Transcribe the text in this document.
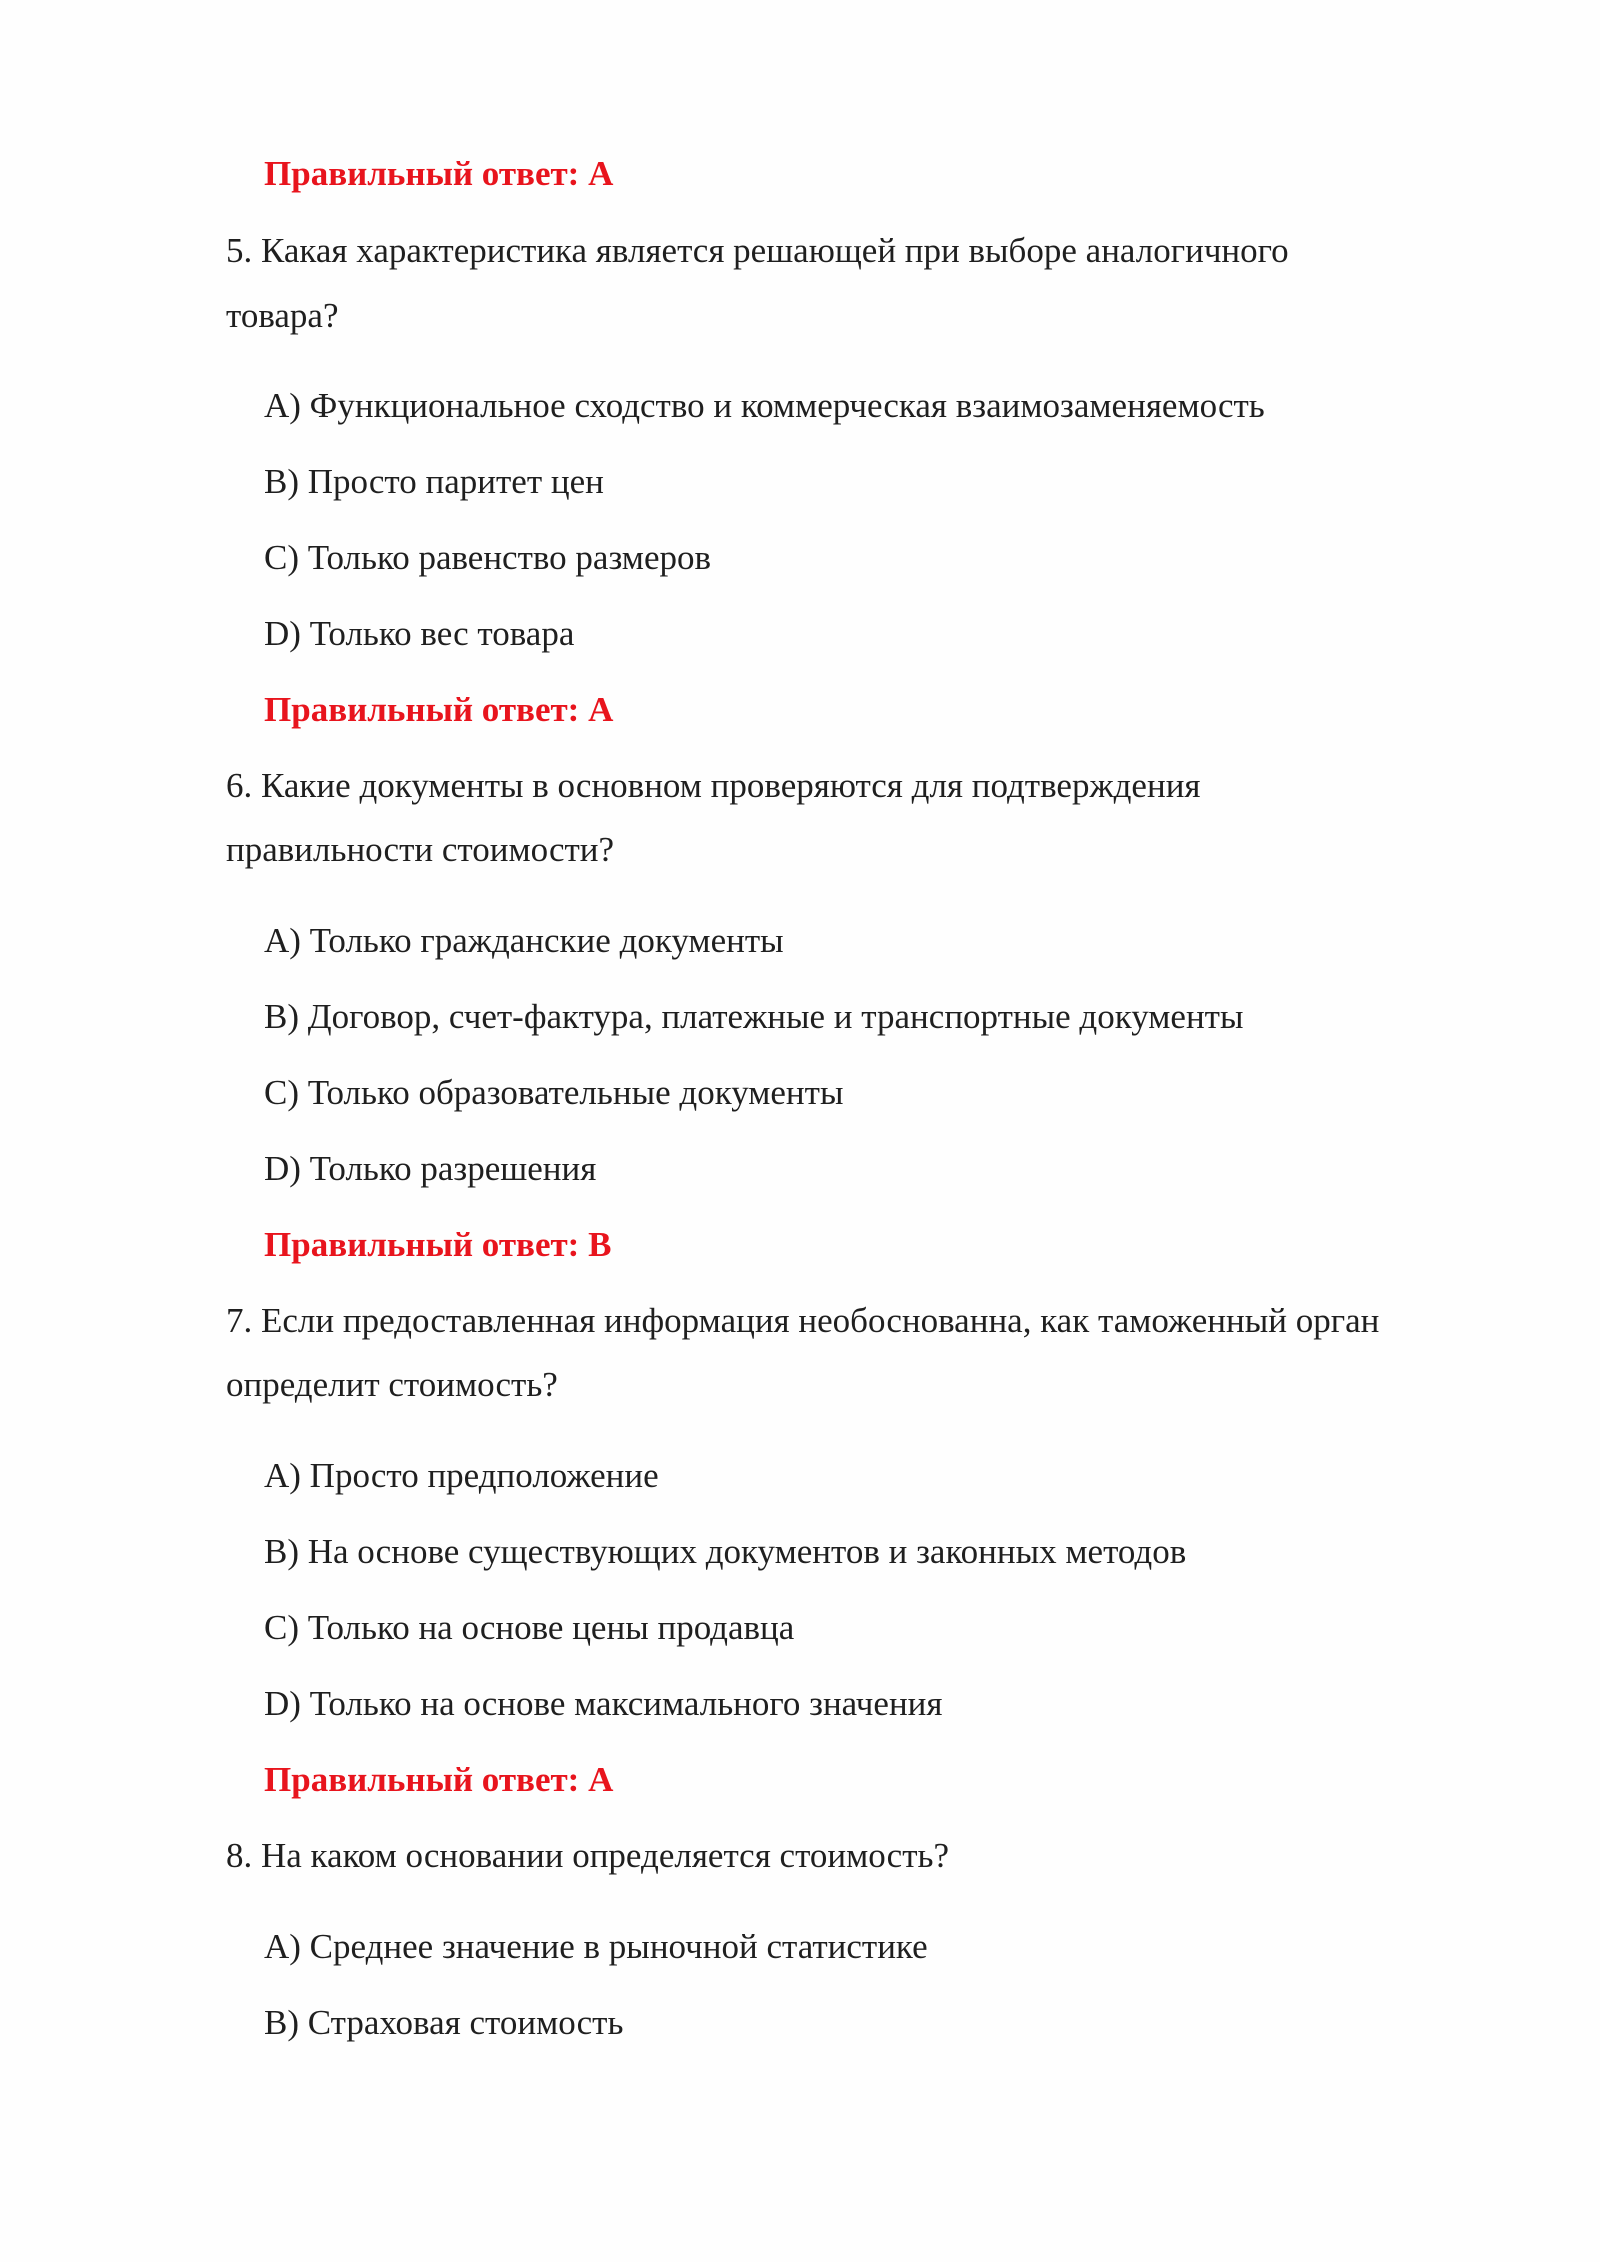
Правильный ответ: A
5. Какая характеристика является решающей при выборе аналогичного
товара?
A) Функциональное сходство и коммерческая взаимозаменяемость
B) Просто паритет цен
C) Только равенство размеров
D) Только вес товара
Правильный ответ: A
6. Какие документы в основном проверяются для подтверждения
правильности стоимости?
A) Только гражданские документы
B) Договор, счет-фактура, платежные и транспортные документы
C) Только образовательные документы
D) Только разрешения
Правильный ответ: B
7. Если предоставленная информация необоснованна, как таможенный орган
определит стоимость?
A) Просто предположение
B) На основе существующих документов и законных методов
C) Только на основе цены продавца
D) Только на основе максимального значения
Правильный ответ: A
8. На каком основании определяется стоимость?
A) Среднее значение в рыночной статистике
B) Страховая стоимость
